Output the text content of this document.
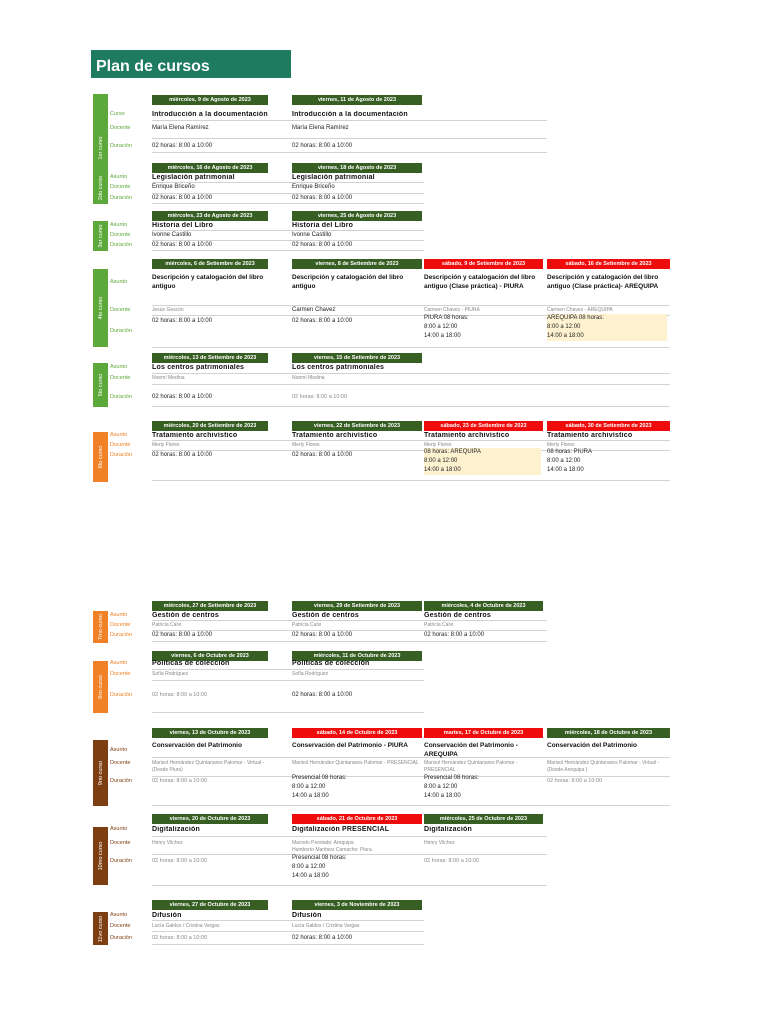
Plan de cursos
1er curso
Curso
Docente
Duración
miércoles, 9 de Agosto de 2023
Introducción a la documentación
María Elena Ramírez
02 horas: 8:00 a 10:00
viernes, 11 de Agosto de 2023
Introducción a la documentación
María Elena Ramírez
02 horas: 8:00 a 10:00
2do curso Asunto
Docente
Duración
miércoles, 16 de Agosto de 2023
Legislación patrimonial
Enrique Briceño
02 horas: 8:00 a 10:00
viernes, 18 de Agosto de 2023
Legislación patrimonial
Enrique Briceño
02 horas: 8:00 a 10:00
3er curso Asunto
Docente
Duración
miércoles, 23 de Agosto de 2023
Historia del Libro
Ivonne Castillo
02 horas: 8:00 a 10:00
viernes, 25 de Agosto de 2023
Historia del Libro
Ivonne Castillo
02 horas: 8:00 a 10:00
4to curso
Asunto
Docente
Duración
miércoles, 6 de Setiembre de 2023
Descripción y catalogación del libro antiguo
Jesús Gescón
02 horas: 8:00 a 10:00
viernes, 8 de Setiembre de 2023
Descripción y catalogación del libro antiguo
Carmen Chavez
02 horas: 8:00 a 10:00
sábado, 9 de Setiembre de 2023
Descripción y catalogación del libro antiguo (Clase práctica) - PIURA
Carmen Chavez - PIURA
PIURA 08 horas:
8:00 a 12:00
14:00 a 18:00
sábado, 16 de Setiembre de 2023
Descripción y catalogación del libro antiguo (Clase práctica)- AREQUIPA
Carmen Chavez - AREQUIPA
AREQUIPA 08 horas:
8:00 a 12:00
14:00 a 18:00
5to curso
Asunto
Docente
Duración
miércoles, 13 de Setiembre de 2023
Los centros patrimoniales
Noemí Medina
02 horas: 8:00 a 10:00
viernes, 15 de Setiembre de 2023
Los centros patrimoniales
Noemí Medina
02 horas: 8:00 a 10:00
6to curso
Asunto
Docente
Duración
miércoles, 20 de Setiembre de 2023
Tratamiento archivístico
Merly Flores
02 horas: 8:00 a 10:00
viernes, 22 de Setiembre de 2023
Tratamiento archivístico
Merly Flores
02 horas: 8:00 a 10:00
sábado, 23 de Setiembre de 2023
Tratamiento archivístico
Merly Flores
08 horas: AREQUIPA
8:00 a 12:00
14:00 a 18:00
sábado, 30 de Setiembre de 2023
Tratamiento archivístico
Merly Flores
08 horas: PIURA
8:00 a 12:00
14:00 a 18:00
7mo curso Asunto
Docente
Duración
miércoles, 27 de Setiembre de 2023
Gestión de centros
Patricia Calvi
02 horas: 8:00 a 10:00
viernes, 29 de Setiembre de 2023
Gestión de centros
Patricia Calvi
02 horas: 8:00 a 10:00
miércoles, 4 de Octubre de 2023
Gestión de centros
Patricia Calvi
02 horas: 8:00 a 10:00
8vo curso
Asunto
Docente
Duración
viernes, 6 de Octubre de 2023
Políticas de colección
Sofía Rodríguez
02 horas: 8:00 a 10:00
miércoles, 11 de Octubre de 2023
Políticas de colección
Sofía Rodríguez
02 horas: 8:00 a 10:00
9no curso
Asunto
Docente
Duración
viernes, 13 de Octubre de 2023
Conservación del Patrimonio
Marisol Hernández Quintanares Palomar - Virtual - (Desde Piura)
02 horas: 8:00 a 10:00
sábado, 14 de Octubre de 2023
Conservación del Patrimonio - PIURA
Marisol Hernández Quintanares Palomar - PRESENCIAL
Presencial 08 horas:
8:00 a 12:00
14:00 a 18:00
martes, 17 de Octubre de 2023
Conservación del Patrimonio - AREQUIPA
Marisol Hernández Quintanares Palomar - PRESENCIAL
Presencial 08 horas:
8:00 a 12:00
14:00 a 18:00
miércoles, 18 de Octubre de 2023
Conservación del Patrimonio
Marisol Hernández Quintanares Palomar - Virtual - (Desde Arequipa )
02 horas: 8:00 a 10:00
10mo curso
Asunto
Docente
Duración
viernes, 20 de Octubre de 2023
Digitalización
Henry Vilchez
02 horas: 8:00 a 10:00
sábado, 21 de Octubre de 2023
Digitalización PRESENCIAL
Marcelo Prestado: Arequipa
Humberto Martinez Camacho: Piura
Presencial 08 horas:
8:00 a 12:00
14:00 a 18:00
miércoles, 25 de Octubre de 2023
Digitalización
Henry Vilchez
02 horas: 8:00 a 10:00
11vo curso
Asunto
Docente
Duración
viernes, 27 de Octubre de 2023
Difusión
Lucía Galdos / Cristina Vargas
02 horas: 8:00 a 10:00
viernes, 3 de Noviembre de 2023
Difusión
Lucía Galdos / Cristina Vargas
02 horas: 8:00 a 10:00
